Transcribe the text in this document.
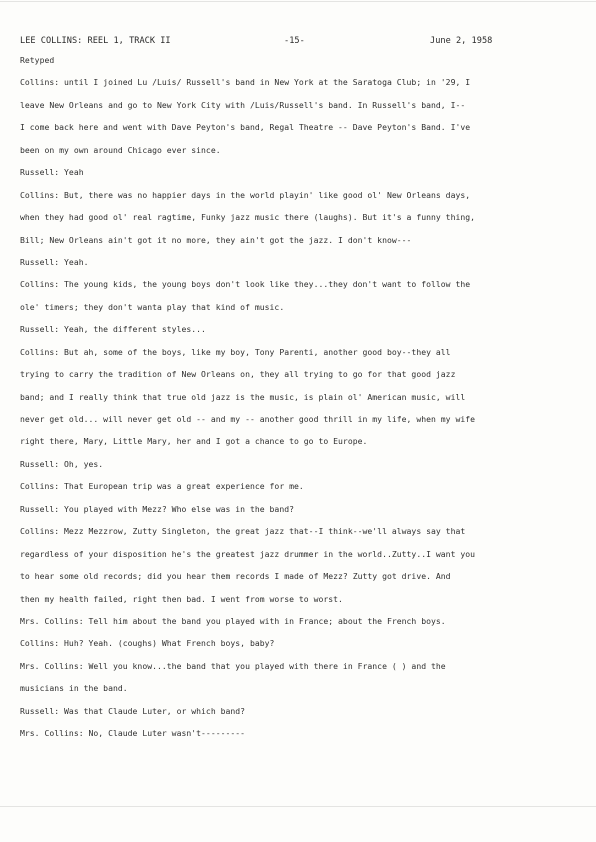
LEE COLLINS: REEL 1, TRACK II	-15-	June 2, 1958
Retyped
Collins: until I joined Lu /Luis/ Russell's band in New York at the Saratoga Club; in '29, I
leave New Orleans and go to New York City with /Luis/Russell's band. In Russell's band, I--
I come back here and went with Dave Peyton's band, Regal Theatre -- Dave Peyton's Band. I've
been on my own around Chicago ever since.
Russell: Yeah
Collins: But, there was no happier days in the world playin' like good ol' New Orleans days,
when they had good ol' real ragtime, Funky jazz music there (laughs). But it's a funny thing,
Bill; New Orleans ain't got it no more, they ain't got the jazz. I don't know---
Russell: Yeah.
Collins: The young kids, the young boys don't look like they...they don't want to follow the
ole' timers; they don't wanta play that kind of music.
Russell: Yeah, the different styles...
Collins: But ah, some of the boys, like my boy, Tony Parenti, another good boy--they all
trying to carry the tradition of New Orleans on, they all trying to go for that good jazz
band; and I really think that true old jazz is the music, is plain ol' American music, will
never get old... will never get old -- and my -- another good thrill in my life, when my wife
right there, Mary, Little Mary, her and I got a chance to go to Europe.
Russell: Oh, yes.
Collins: That European trip was a great experience for me.
Russell: You played with Mezz? Who else was in the band?
Collins: Mezz Mezzrow, Zutty Singleton, the great jazz that--I think--we'll always say that
regardless of your disposition he's the greatest jazz drummer in the world..Zutty..I want you
to hear some old records; did you hear them records I made of Mezz? Zutty got drive. And
then my health failed, right then bad. I went from worse to worst.
Mrs. Collins: Tell him about the band you played with in France; about the French boys.
Collins: Huh? Yeah. (coughs) What French boys, baby?
Mrs. Collins: Well you know...the band that you played with there in France ( ) and the
musicians in the band.
Russell: Was that Claude Luter, or which band?
Mrs. Collins: No, Claude Luter wasn't---------
